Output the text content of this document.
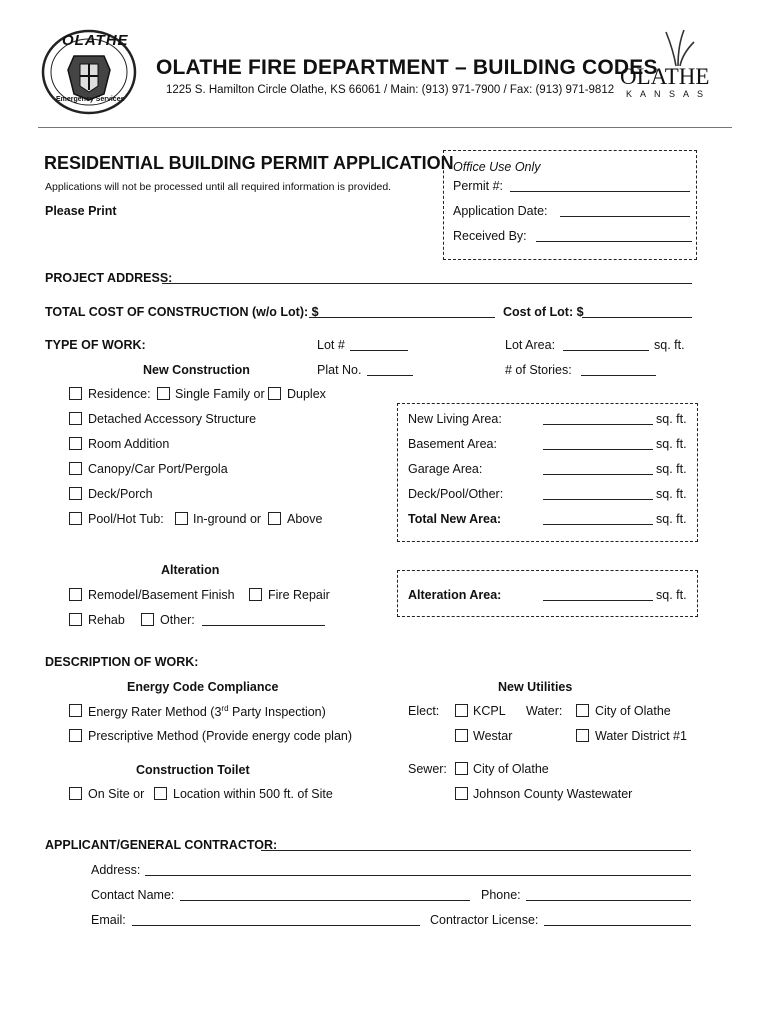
OLATHE
Emergency Services
OLATHE FIRE DEPARTMENT – BUILDING CODES
1225 S. Hamilton Circle Olathe, KS 66061 / Main: (913) 971-7900 / Fax: (913) 971-9812
OLATHE
K A N S A S
RESIDENTIAL BUILDING PERMIT APPLICATION
Applications will not be processed until all required information is provided.
Please Print
Office Use Only
Permit #:
Application Date:
Received By:
PROJECT ADDRESS:
TOTAL COST OF CONSTRUCTION (w/o Lot): $	Cost of Lot: $
TYPE OF WORK:	Lot #	Lot Area:	sq. ft.
New Construction	Plat No.	# of Stories:
Residence: Single Family or Duplex
Detached Accessory Structure
Room Addition
Canopy/Car Port/Pergola
Deck/Porch
Pool/Hot Tub: In-ground or Above
New Living Area:	sq. ft.
Basement Area:	sq. ft.
Garage Area:	sq. ft.
Deck/Pool/Other:	sq. ft.
Total New Area:	sq. ft.
Alteration
Remodel/Basement Finish	Fire Repair
Rehab	Other:
Alteration Area:	sq. ft.
DESCRIPTION OF WORK:
Energy Code Compliance
Energy Rater Method (3rd Party Inspection)
Prescriptive Method (Provide energy code plan)
Construction Toilet
On Site or Location within 500 ft. of Site
New Utilities
Elect:	KCPL Water:	City of Olathe
Westar	Water District #1
Sewer: City of Olathe
Johnson County Wastewater
APPLICANT/GENERAL CONTRACTOR:
Address:
Contact Name:	Phone:
Email:	Contractor License:
